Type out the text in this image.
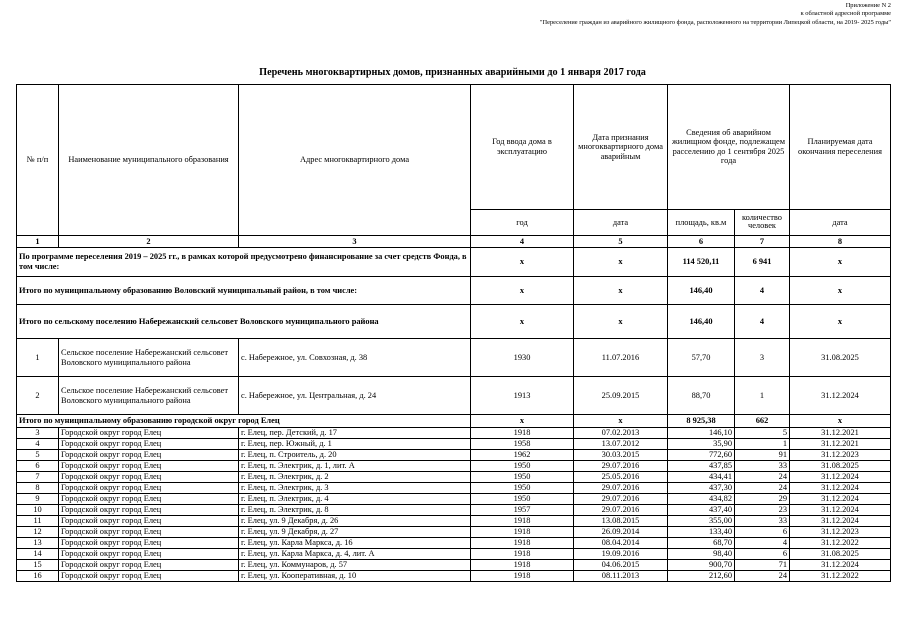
Приложение N 2
к областной адресной программе
"Переселение граждан из аварийного жилищного фонда, расположенного на территории Липецкой области, на 2019- 2025 годы"
Перечень многоквартирных домов, признанных аварийными до 1 января 2017 года
№ п/п	Наименование муниципального образования	Адрес многоквартирного дома	Год ввода дома в эксплуатацию	Дата признания многоквартирного дома аварийным	Сведения об аварийном жилищном фонде, подлежащем расселению до 1 сентября 2025 года		Планируемая дата окончания переселения
			год	дата	площадь, кв.м	количество человек	дата
1	2	3	4	5	6	7	8
По программе переселения 2019 – 2025 гг., в рамках которой предусмотрено финансирование за счет средств Фонда, в том числе:			х	х	114 520,11	6 941	х
Итого по муниципальному образованию Воловский муниципальный район, в том числе:			х	х	146,40	4	х
Итого по сельскому поселению Набережанский сельсовет Воловского муниципального района			х	х	146,40	4	х
1	Сельское поселение Набережанский сельсовет Воловского муниципального района	с. Набережное, ул. Совхозная, д. 38	1930	11.07.2016	57,70	3	31.08.2025
2	Сельское поселение Набережанский сельсовет Воловского муниципального района	с. Набережное, ул. Центральная, д. 24	1913	25.09.2015	88,70	1	31.12.2024
Итого по муниципальному образованию городской округ город Елец			х	х	8 925,38	662	х
3	Городской округ город Елец	г. Елец, пер. Детский, д. 17	1918	07.02.2013	146,10	5	31.12.2021
4	Городской округ город Елец	г. Елец, пер. Южный, д. 1	1958	13.07.2012	35,90	1	31.12.2021
5	Городской округ город Елец	г. Елец, п. Строитель, д. 20	1962	30.03.2015	772,60	91	31.12.2023
6	Городской округ город Елец	г. Елец, п. Электрик, д. 1, лит. А	1950	29.07.2016	437,85	33	31.08.2025
7	Городской округ город Елец	г. Елец, п. Электрик, д. 2	1950	25.05.2016	434,41	24	31.12.2024
8	Городской округ город Елец	г. Елец, п. Электрик, д. 3	1950	29.07.2016	437,30	24	31.12.2024
9	Городской округ город Елец	г. Елец, п. Электрик, д. 4	1950	29.07.2016	434,82	29	31.12.2024
10	Городской округ город Елец	г. Елец, п. Электрик, д. 8	1957	29.07.2016	437,40	23	31.12.2024
11	Городской округ город Елец	г. Елец, ул. 9 Декабря, д. 26	1918	13.08.2015	355,00	33	31.12.2024
12	Городской округ город Елец	г. Елец, ул. 9 Декабря, д. 27	1918	26.09.2014	133,40	6	31.12.2023
13	Городской округ город Елец	г. Елец, ул. Карла Маркса, д. 16	1918	08.04.2014	68,70	4	31.12.2022
14	Городской округ город Елец	г. Елец, ул. Карла Маркса, д. 4, лит. А	1918	19.09.2016	98,40	6	31.08.2025
15	Городской округ город Елец	г. Елец, ул. Коммунаров, д. 57	1918	04.06.2015	900,70	71	31.12.2024
16	Городской округ город Елец	г. Елец, ул. Кооперативная, д. 10	1918	08.11.2013	212,60	24	31.12.2022
